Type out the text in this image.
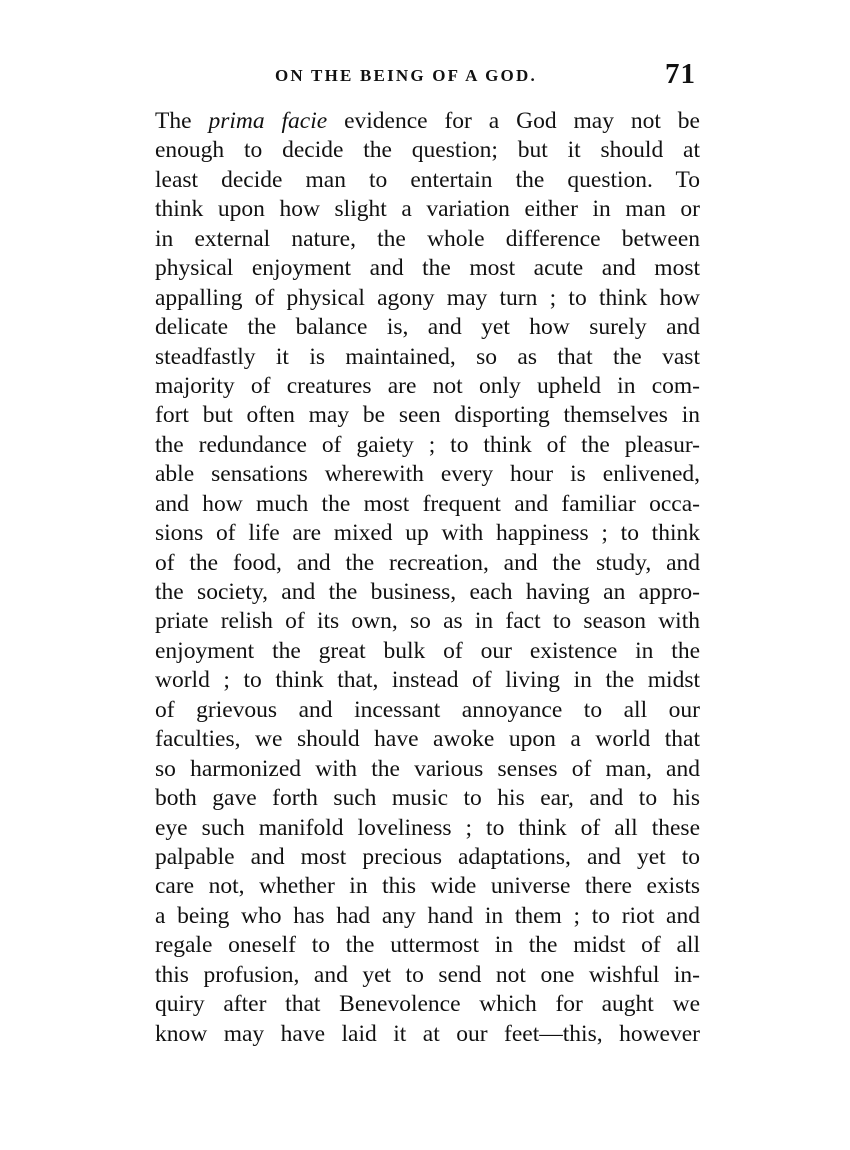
ON THE BEING OF A GOD.	71
The prima facie evidence for a God may not be
enough to decide the question; but it should at
least decide man to entertain the question. To
think upon how slight a variation either in man or
in external nature, the whole difference between
physical enjoyment and the most acute and most
appalling of physical agony may turn ; to think how
delicate the balance is, and yet how surely and
steadfastly it is maintained, so as that the vast
majority of creatures are not only upheld in com-
fort but often may be seen disporting themselves in
the redundance of gaiety ; to think of the pleasur-
able sensations wherewith every hour is enlivened,
and how much the most frequent and familiar occa-
sions of life are mixed up with happiness ; to think
of the food, and the recreation, and the study, and
the society, and the business, each having an appro-
priate relish of its own, so as in fact to season with
enjoyment the great bulk of our existence in the
world ; to think that, instead of living in the midst
of grievous and incessant annoyance to all our
faculties, we should have awoke upon a world that
so harmonized with the various senses of man, and
both gave forth such music to his ear, and to his
eye such manifold loveliness ; to think of all these
palpable and most precious adaptations, and yet to
care not, whether in this wide universe there exists
a being who has had any hand in them ; to riot and
regale oneself to the uttermost in the midst of all
this profusion, and yet to send not one wishful in-
quiry after that Benevolence which for aught we
know may have laid it at our feet—this, however
